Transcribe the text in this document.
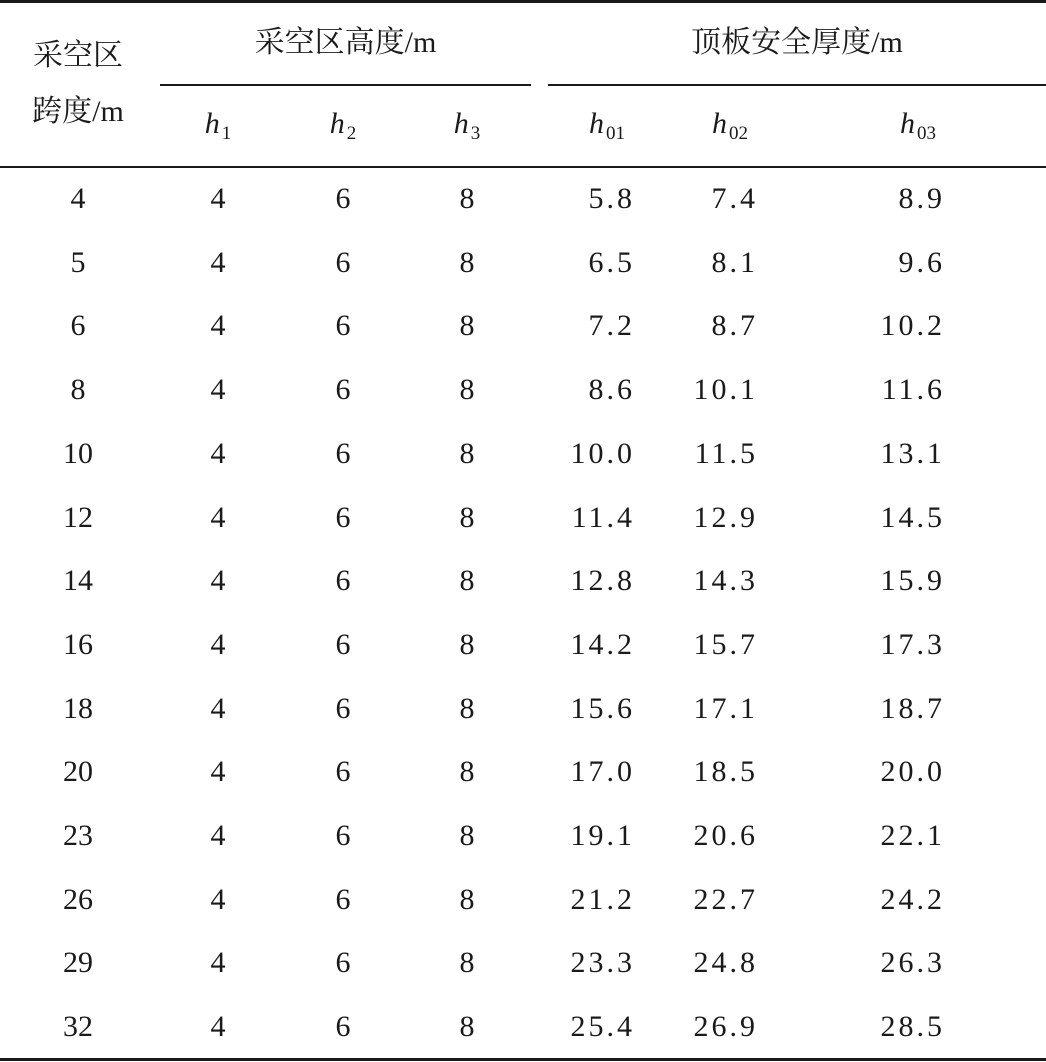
采空区
跨度/m
采空区高度/m	顶板安全厚度/m
h $_1$	h $_2$	h $_3$	h $_{01}$	h $_{02}$	h $_{03}$
4	4	6	8	5.8	7.4	8.9
5	4	6	8	6.5	8.1	9.6
6	4	6	8	7.2	8.7	10.2
8	4	6	8	8.6	10.1	11.6
10	4	6	8	10.0	11.5	13.1
12	4	6	8	11.4	12.9	14.5
14	4	6	8	12.8	14.3	15.9
16	4	6	8	14.2	15.7	17.3
18	4	6	8	15.6	17.1	18.7
20	4	6	8	17.0	18.5	20.0
23	4	6	8	19.1	20.6	22.1
26	4	6	8	21.2	22.7	24.2
29	4	6	8	23.3	24.8	26.3
32	4	6	8	25.4	26.9	28.5
